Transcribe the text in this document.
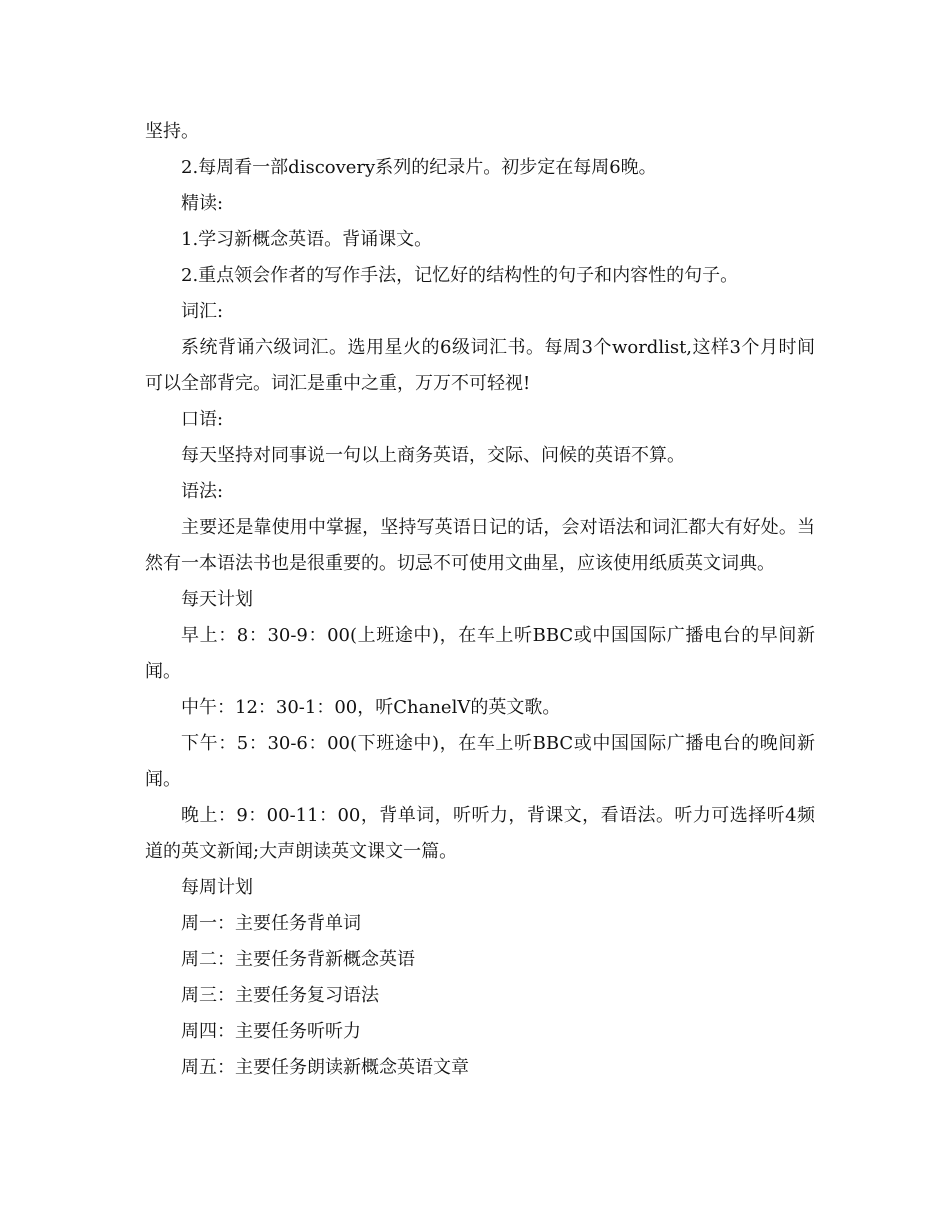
坚持。

2.每周看一部discovery系列的纪录片。初步定在每周6晚。

精读:

1.学习新概念英语。背诵课文。

2.重点领会作者的写作手法，记忆好的结构性的句子和内容性的句子。

词汇:

系统背诵六级词汇。选用星火的6级词汇书。每周3个wordlist,这样3个月时间可以全部背完。词汇是重中之重，万万不可轻视!

口语:

每天坚持对同事说一句以上商务英语，交际、问候的英语不算。

语法:

主要还是靠使用中掌握，坚持写英语日记的话，会对语法和词汇都大有好处。当然有一本语法书也是很重要的。切忌不可使用文曲星，应该使用纸质英文词典。

每天计划

早上：8：30-9：00(上班途中)，在车上听BBC或中国国际广播电台的早间新闻。

中午：12：30-1：00，听ChanelV的英文歌。

下午：5：30-6：00(下班途中)，在车上听BBC或中国国际广播电台的晚间新闻。

晚上：9：00-11：00，背单词，听听力，背课文，看语法。听力可选择听4频道的英文新闻;大声朗读英文课文一篇。

每周计划

周一：主要任务背单词

周二：主要任务背新概念英语

周三：主要任务复习语法

周四：主要任务听听力

周五：主要任务朗读新概念英语文章
